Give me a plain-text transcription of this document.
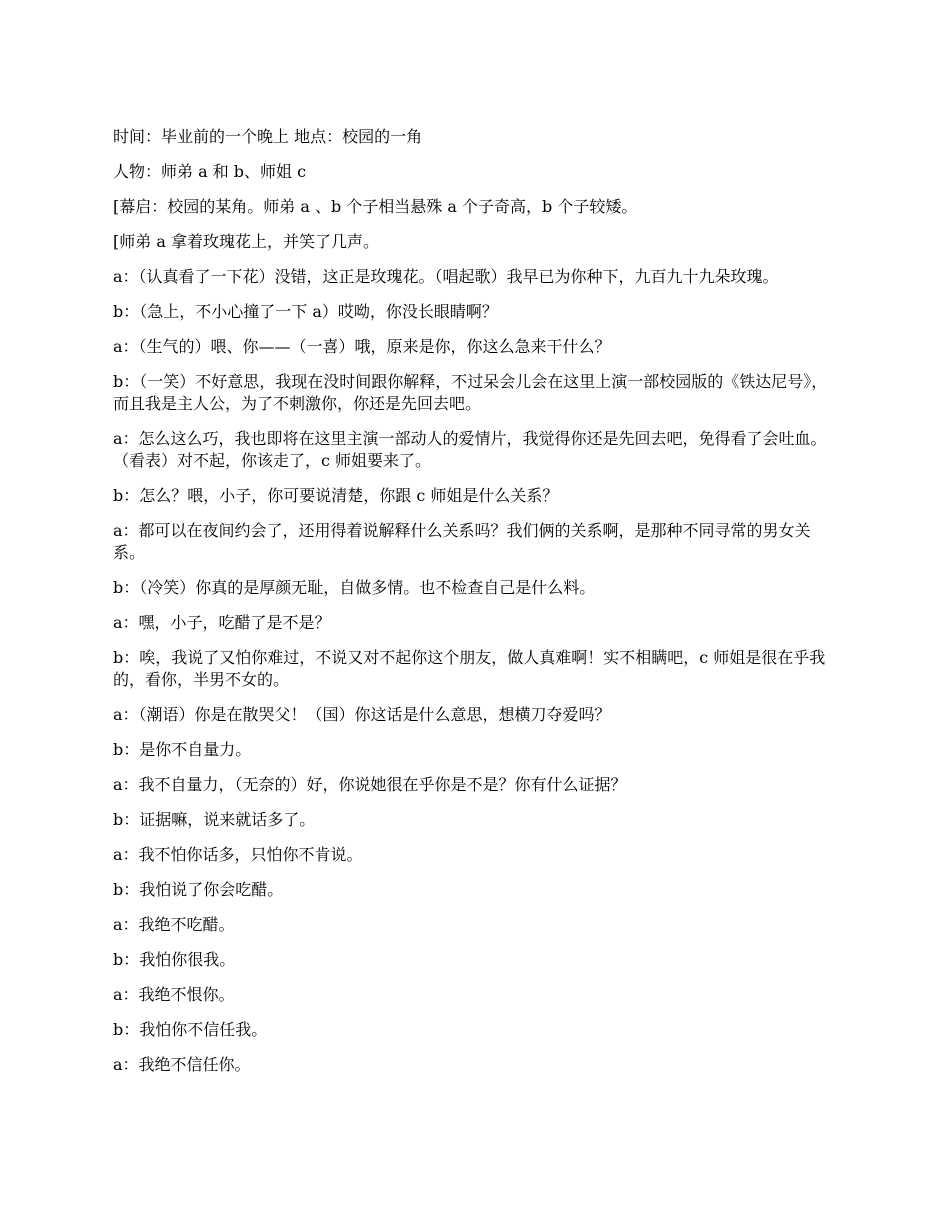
时间：毕业前的一个晚上 地点：校园的一角

人物：师弟 a 和 b、师姐 c

[幕启：校园的某角。师弟 a 、b 个子相当悬殊 a 个子奇高，b 个子较矮。

[师弟 a 拿着玫瑰花上，并笑了几声。

a：（认真看了一下花）没错，这正是玫瑰花。（唱起歌）我早已为你种下，九百九十九朵玫瑰。

b：（急上，不小心撞了一下 a）哎呦，你没长眼睛啊？

a：（生气的）喂、你——（一喜）哦，原来是你，你这么急来干什么？

b：（一笑）不好意思，我现在没时间跟你解释，不过呆会儿会在这里上演一部校园版的《铁达尼号》，而且我是主人公，为了不刺激你，你还是先回去吧。

a：怎么这么巧，我也即将在这里主演一部动人的爱情片，我觉得你还是先回去吧，免得看了会吐血。（看表）对不起，你该走了，c 师姐要来了。

b：怎么？喂，小子，你可要说清楚，你跟 c 师姐是什么关系？

a：都可以在夜间约会了，还用得着说解释什么关系吗？我们俩的关系啊，是那种不同寻常的男女关系。

b：（冷笑）你真的是厚颜无耻，自做多情。也不检查自己是什么料。

a：嘿，小子，吃醋了是不是？

b：唉，我说了又怕你难过，不说又对不起你这个朋友，做人真难啊！实不相瞒吧，c 师姐是很在乎我的，看你，半男不女的。

a：（潮语）你是在散哭父！（国）你这话是什么意思，想横刀夺爱吗？

b：是你不自量力。

a：我不自量力，（无奈的）好，你说她很在乎你是不是？你有什么证据？

b：证据嘛，说来就话多了。

a：我不怕你话多，只怕你不肯说。

b：我怕说了你会吃醋。

a：我绝不吃醋。

b：我怕你很我。

a：我绝不恨你。

b：我怕你不信任我。

a：我绝不信任你。
